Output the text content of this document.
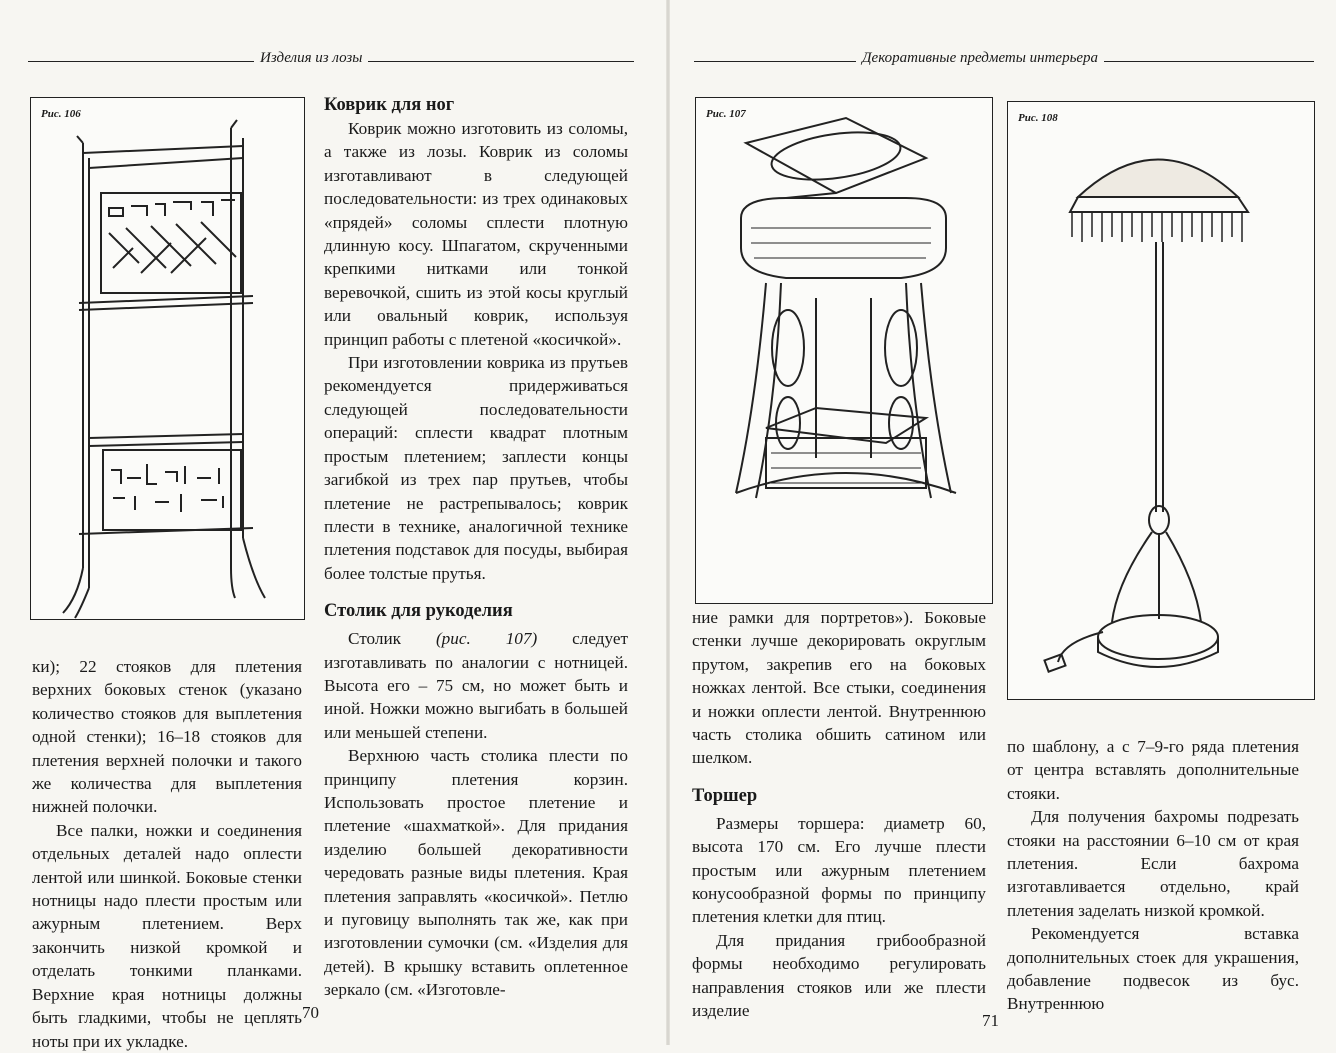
Изделия из лозы
Рис. 106

ки); 22 стояков для плетения верхних боковых стенок (указано количество стояков для выплетения одной стенки); 16–18 стояков для плетения верхней полочки и такого же количества для выплетения нижней полочки.

Все палки, ножки и соединения отдельных деталей надо оплести лентой или шинкой. Боковые стенки нотницы надо плести простым или ажурным плетением. Верх закончить низкой кромкой и отделать тонкими планками. Верхние края нотницы должны быть гладкими, чтобы не цеплять ноты при их укладке.

Коврик для ног

Коврик можно изготовить из соломы, а также из лозы. Коврик из соломы изготавливают в следующей последовательности: из трех одинаковых «прядей» соломы сплести плотную длинную косу. Шпагатом, скрученными крепкими нитками или тонкой веревочкой, сшить из этой косы круглый или овальный коврик, используя принцип работы с плетеной «косичкой».

При изготовлении коврика из прутьев рекомендуется придерживаться следующей последовательности операций: сплести квадрат плотным простым плетением; заплести концы загибкой из трех пар прутьев, чтобы плетение не растрепывалось; коврик плести в технике, аналогичной технике плетения подставок для посуды, выбирая более толстые прутья.

Столик для рукоделия

Столик (рис. 107) следует изготавливать по аналогии с нотницей. Высота его – 75 см, но может быть и иной. Ножки можно выгибать в большей или меньшей степени.

Верхнюю часть столика плести по принципу плетения корзин. Использовать простое плетение и плетение «шахматкой». Для придания изделию большей декоративности чередовать разные виды плетения. Края плетения заправлять «косичкой». Петлю и пуговицу выполнять так же, как при изготовлении сумочки (см. «Изделия для детей). В крышку вставить оплетенное зеркало (см. «Изготовле-

70
Декоративные предметы интерьера
Рис. 107	Рис. 108

ние рамки для портретов»). Боковые стенки лучше декорировать округлым прутом, закрепив его на боковых ножках лентой. Все стыки, соединения и ножки оплести лентой. Внутреннюю часть столика обшить сатином или шелком.

Торшер

Размеры торшера: диаметр 60, высота 170 см. Его лучше плести простым или ажурным плетением конусообразной формы по принципу плетения клетки для птиц.

Для придания грибообразной формы необходимо регулировать направления стояков или же плести изделие

по шаблону, а с 7–9-го ряда плетения от центра вставлять дополнительные стояки.

Для получения бахромы подрезать стояки на расстоянии 6–10 см от края плетения. Если бахрома изготавливается отдельно, край плетения заделать низкой кромкой.

Рекомендуется вставка дополнительных стоек для украшения, добавление подвесок из бус. Внутреннюю

71
